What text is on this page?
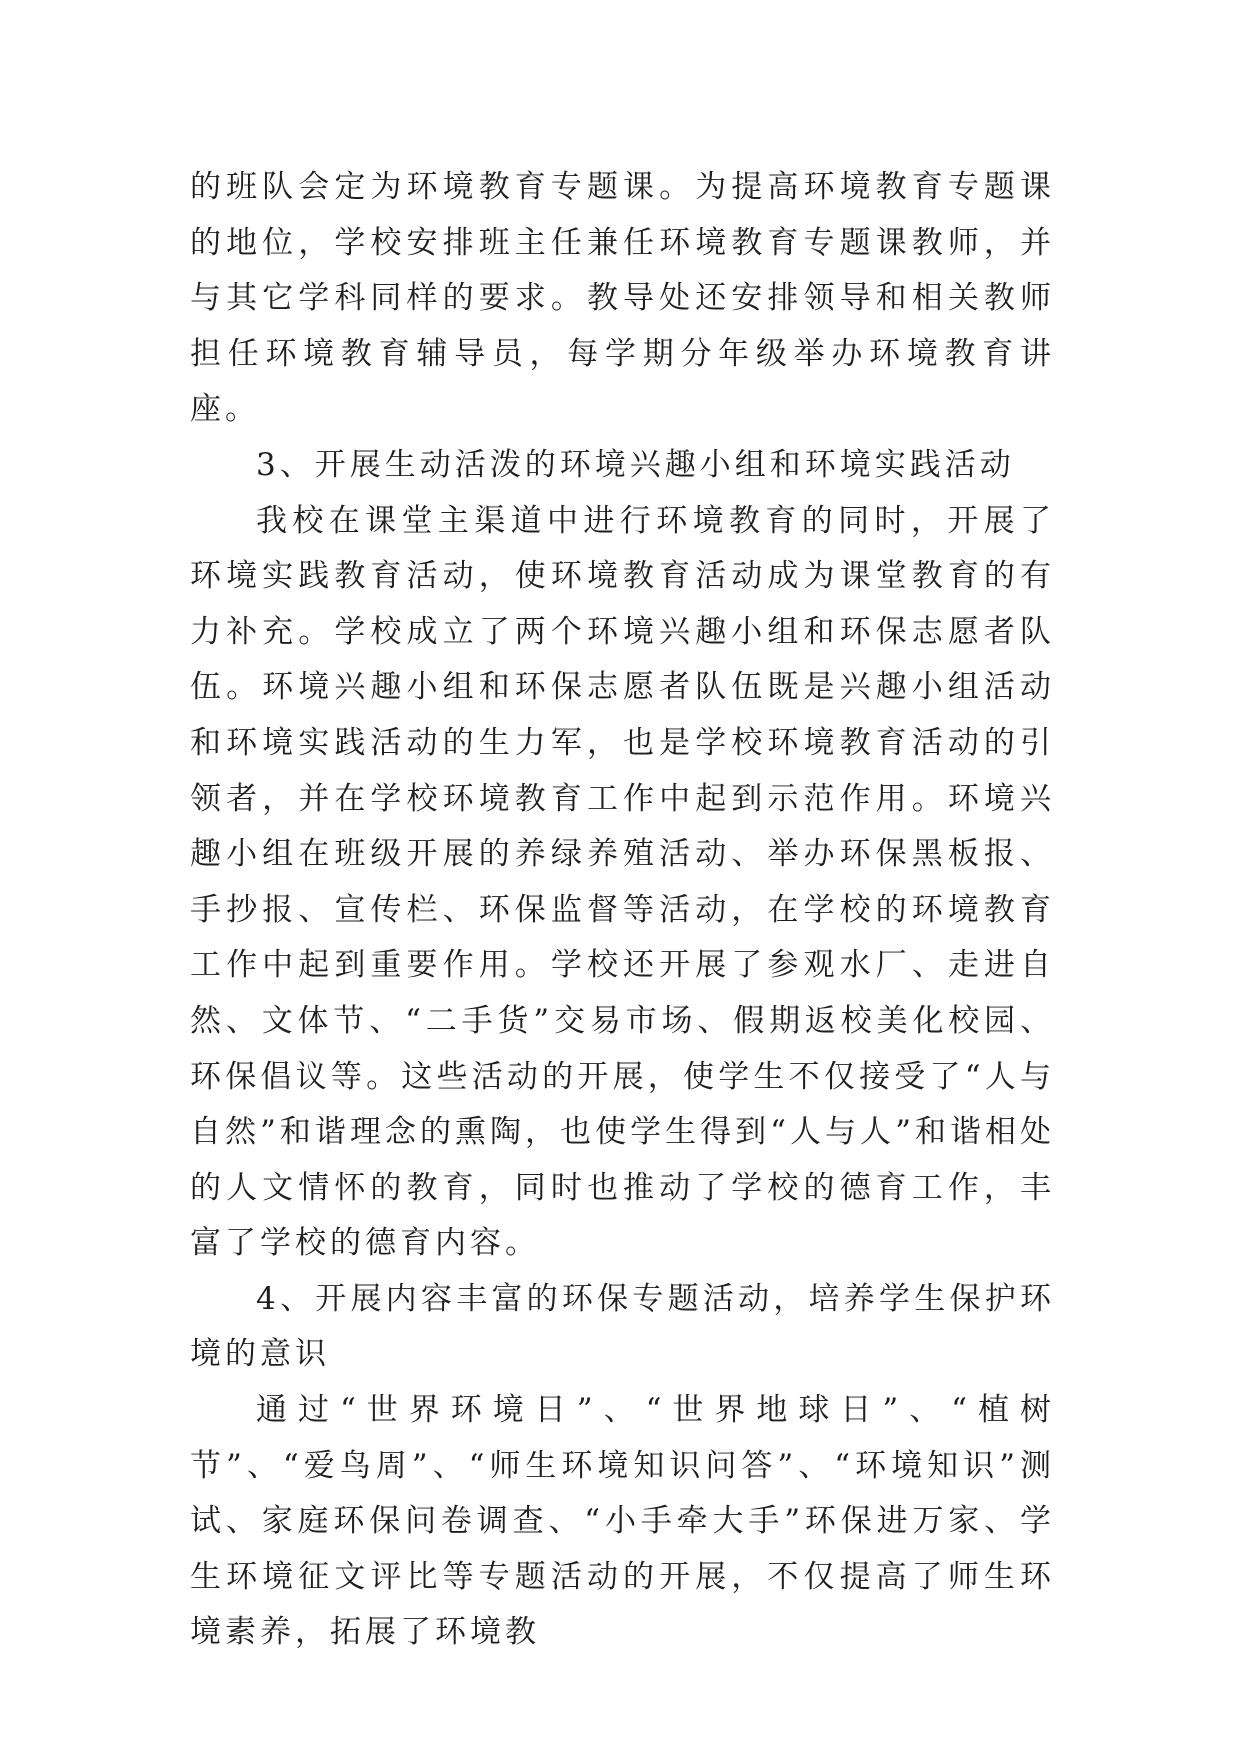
的班队会定为环境教育专题课。为提高环境教育专题课的地位，学校安排班主任兼任环境教育专题课教师，并与其它学科同样的要求。教导处还安排领导和相关教师担任环境教育辅导员，每学期分年级举办环境教育讲座。

3、开展生动活泼的环境兴趣小组和环境实践活动

我校在课堂主渠道中进行环境教育的同时，开展了环境实践教育活动，使环境教育活动成为课堂教育的有力补充。学校成立了两个环境兴趣小组和环保志愿者队伍。环境兴趣小组和环保志愿者队伍既是兴趣小组活动和环境实践活动的生力军，也是学校环境教育活动的引领者，并在学校环境教育工作中起到示范作用。环境兴趣小组在班级开展的养绿养殖活动、举办环保黑板报、手抄报、宣传栏、环保监督等活动，在学校的环境教育工作中起到重要作用。学校还开展了参观水厂、走进自然、文体节、“二手货”交易市场、假期返校美化校园、环保倡议等。这些活动的开展，使学生不仅接受了“人与自然”和谐理念的熏陶，也使学生得到“人与人”和谐相处的人文情怀的教育，同时也推动了学校的德育工作，丰富了学校的德育内容。

4、开展内容丰富的环保专题活动，培养学生保护环境的意识

通过“世界环境日”、“世界地球日”、“植树节”、“爱鸟周”、“师生环境知识问答”、“环境知识”测试、家庭环保问卷调查、“小手牵大手”环保进万家、学生环境征文评比等专题活动的开展，不仅提高了师生环境素养，拓展了环境教
